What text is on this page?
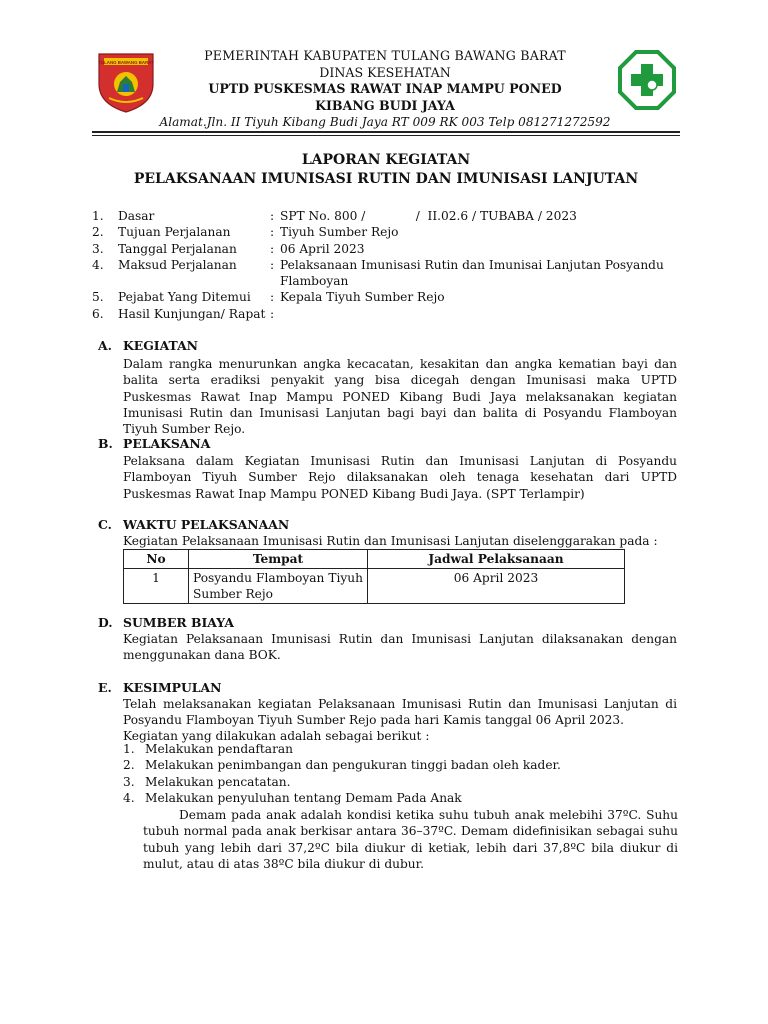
TULANG BAWANG BARAT	PEMERINTAH KABUPATEN TULANG BAWANG BARAT
DINAS KESEHATAN
UPTD PUSKESMAS RAWAT INAP MAMPU PONED
KIBANG BUDI JAYA
Alamat.Jln. II Tiyuh Kibang Budi Jaya RT 009 RK 003 Telp 081271272592
LAPORAN KEGIATAN
PELAKSANAAN IMUNISASI RUTIN DAN IMUNISASI LANJUTAN
1.	Dasar	: SPT No. 800 /             /  II.02.6 / TUBABA / 2023
2.	Tujuan Perjalanan	: Tiyuh Sumber Rejo
3.	Tanggal Perjalanan	: 06 April 2023
4.	Maksud Perjalanan	: Pelaksanaan Imunisasi Rutin dan Imunisai Lanjutan Posyandu Flamboyan
5.	Pejabat Yang Ditemui	: Kepala Tiyuh Sumber Rejo
6.	Hasil Kunjungan/ Rapat :
A. KEGIATAN
Dalam rangka menurunkan angka kecacatan, kesakitan dan angka kematian bayi dan balita serta eradiksi penyakit yang bisa dicegah dengan Imunisasi maka UPTD Puskesmas Rawat Inap Mampu PONED Kibang Budi Jaya melaksanakan kegiatan Imunisasi Rutin dan Imunisasi Lanjutan bagi bayi dan balita di Posyandu Flamboyan Tiyuh Sumber Rejo.
B. PELAKSANA
Pelaksana dalam Kegiatan Imunisasi Rutin dan Imunisasi Lanjutan di Posyandu Flamboyan Tiyuh Sumber Rejo dilaksanakan oleh tenaga kesehatan dari UPTD Puskesmas Rawat Inap Mampu PONED Kibang Budi Jaya. (SPT Terlampir)
C. WAKTU PELAKSANAAN
Kegiatan Pelaksanaan Imunisasi Rutin dan Imunisasi Lanjutan diselenggarakan pada :
No	Tempat	Jadwal Pelaksanaan
1	Posyandu Flamboyan Tiyuh Sumber Rejo	06 April 2023
D. SUMBER BIAYA
Kegiatan Pelaksanaan Imunisasi Rutin dan Imunisasi Lanjutan dilaksanakan dengan menggunakan dana BOK.
E. KESIMPULAN
Telah melaksanakan kegiatan Pelaksanaan Imunisasi Rutin dan Imunisasi Lanjutan di Posyandu Flamboyan Tiyuh Sumber Rejo pada hari Kamis tanggal 06 April 2023.
Kegiatan yang dilakukan adalah sebagai berikut :
1. Melakukan pendaftaran
2. Melakukan penimbangan dan pengukuran tinggi badan oleh kader.
3. Melakukan pencatatan.
4. Melakukan penyuluhan tentang Demam Pada Anak
Demam pada anak adalah kondisi ketika suhu tubuh anak melebihi 37ºC. Suhu tubuh normal pada anak berkisar antara 36–37ºC. Demam didefinisikan sebagai suhu tubuh yang lebih dari 37,2ºC bila diukur di ketiak, lebih dari 37,8ºC bila diukur di mulut, atau di atas 38ºC bila diukur di dubur.
